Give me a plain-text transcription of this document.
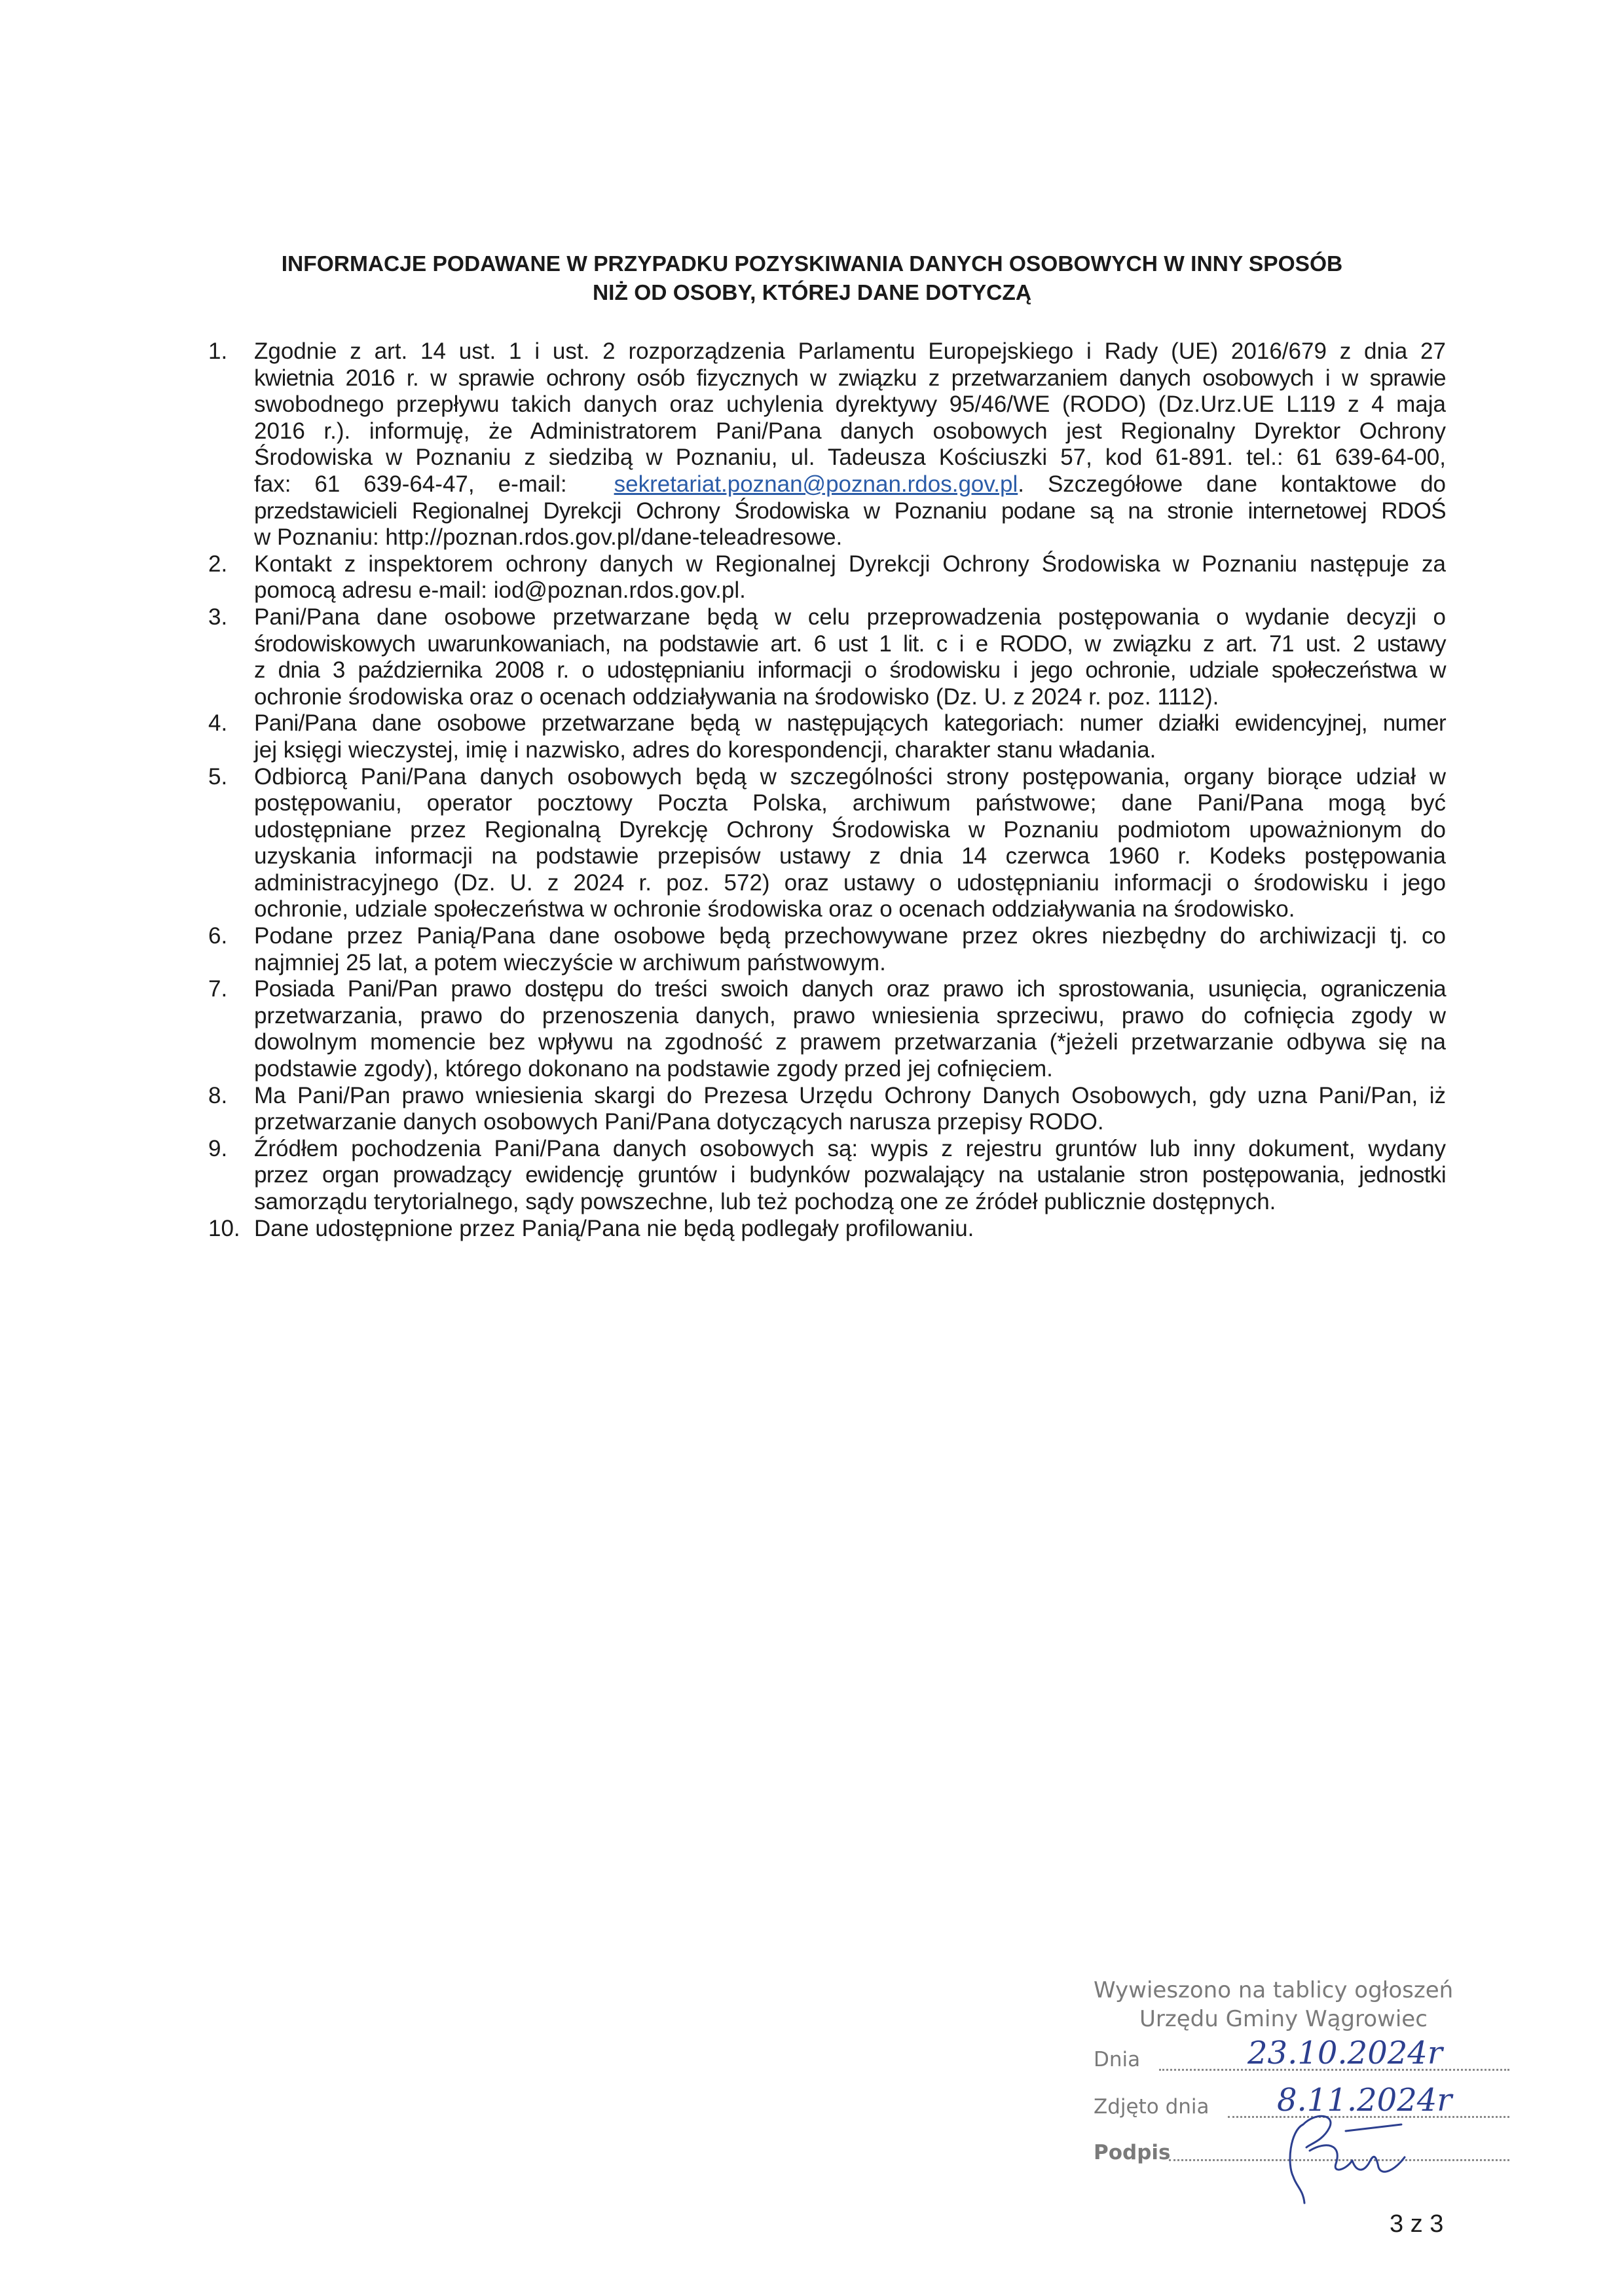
INFORMACJE PODAWANE W PRZYPADKU POZYSKIWANIA DANYCH OSOBOWYCH W INNY SPOSÓB
NIŻ OD OSOBY, KTÓREJ DANE DOTYCZĄ
1.	Zgodnie z art. 14 ust. 1 i ust. 2 rozporządzenia Parlamentu Europejskiego i Rady (UE) 2016/679 z dnia 27
kwietnia 2016 r. w sprawie ochrony osób fizycznych w związku z przetwarzaniem danych osobowych i w sprawie
swobodnego przepływu takich danych oraz uchylenia dyrektywy 95/46/WE (RODO) (Dz.Urz.UE L119 z 4 maja
2016 r.). informuję, że Administratorem Pani/Pana danych osobowych jest Regionalny Dyrektor Ochrony
Środowiska w Poznaniu z siedzibą w Poznaniu, ul. Tadeusza Kościuszki 57, kod 61-891. tel.: 61 639-64-00,
fax: 61 639-64-47, e-mail: sekretariat.poznan@poznan.rdos.gov.pl. Szczegółowe dane kontaktowe do
przedstawicieli Regionalnej Dyrekcji Ochrony Środowiska w Poznaniu podane są na stronie internetowej RDOŚ
w Poznaniu: http://poznan.rdos.gov.pl/dane-teleadresowe.
2.	Kontakt z inspektorem ochrony danych w Regionalnej Dyrekcji Ochrony Środowiska w Poznaniu następuje za
pomocą adresu e-mail: iod@poznan.rdos.gov.pl.
3.	Pani/Pana dane osobowe przetwarzane będą w celu przeprowadzenia postępowania o wydanie decyzji o
środowiskowych uwarunkowaniach, na podstawie art. 6 ust 1 lit. c i e RODO, w związku z art. 71 ust. 2 ustawy
z dnia 3 października 2008 r. o udostępnianiu informacji o środowisku i jego ochronie, udziale społeczeństwa w
ochronie środowiska oraz o ocenach oddziaływania na środowisko (Dz. U. z 2024 r. poz. 1112).
4.	Pani/Pana dane osobowe przetwarzane będą w następujących kategoriach: numer działki ewidencyjnej, numer
jej księgi wieczystej, imię i nazwisko, adres do korespondencji, charakter stanu władania.
5.	Odbiorcą Pani/Pana danych osobowych będą w szczególności strony postępowania, organy biorące udział w
postępowaniu, operator pocztowy Poczta Polska, archiwum państwowe; dane Pani/Pana mogą być
udostępniane przez Regionalną Dyrekcję Ochrony Środowiska w Poznaniu podmiotom upoważnionym do
uzyskania informacji na podstawie przepisów ustawy z dnia 14 czerwca 1960 r. Kodeks postępowania
administracyjnego (Dz. U. z 2024 r. poz. 572) oraz ustawy o udostępnianiu informacji o środowisku i jego
ochronie, udziale społeczeństwa w ochronie środowiska oraz o ocenach oddziaływania na środowisko.
6.	Podane przez Panią/Pana dane osobowe będą przechowywane przez okres niezbędny do archiwizacji tj. co
najmniej 25 lat, a potem wieczyście w archiwum państwowym.
7.	Posiada Pani/Pan prawo dostępu do treści swoich danych oraz prawo ich sprostowania, usunięcia, ograniczenia
przetwarzania, prawo do przenoszenia danych, prawo wniesienia sprzeciwu, prawo do cofnięcia zgody w
dowolnym momencie bez wpływu na zgodność z prawem przetwarzania (*jeżeli przetwarzanie odbywa się na
podstawie zgody), którego dokonano na podstawie zgody przed jej cofnięciem.
8.	Ma Pani/Pan prawo wniesienia skargi do Prezesa Urzędu Ochrony Danych Osobowych, gdy uzna Pani/Pan, iż
przetwarzanie danych osobowych Pani/Pana dotyczących narusza przepisy RODO.
9.	Źródłem pochodzenia Pani/Pana danych osobowych są: wypis z rejestru gruntów lub inny dokument, wydany
przez organ prowadzący ewidencję gruntów i budynków pozwalający na ustalanie stron postępowania, jednostki
samorządu terytorialnego, sądy powszechne, lub też pochodzą one ze źródeł publicznie dostępnych.
10. Dane udostępnione przez Panią/Pana nie będą podlegały profilowaniu.
Wywieszono na tablicy ogłoszeń
Urzędu Gminy Wągrowiec
Dnia	23.10.2024r
Zdjęto dnia 8.11.2024r
Podpis
3 z 3
